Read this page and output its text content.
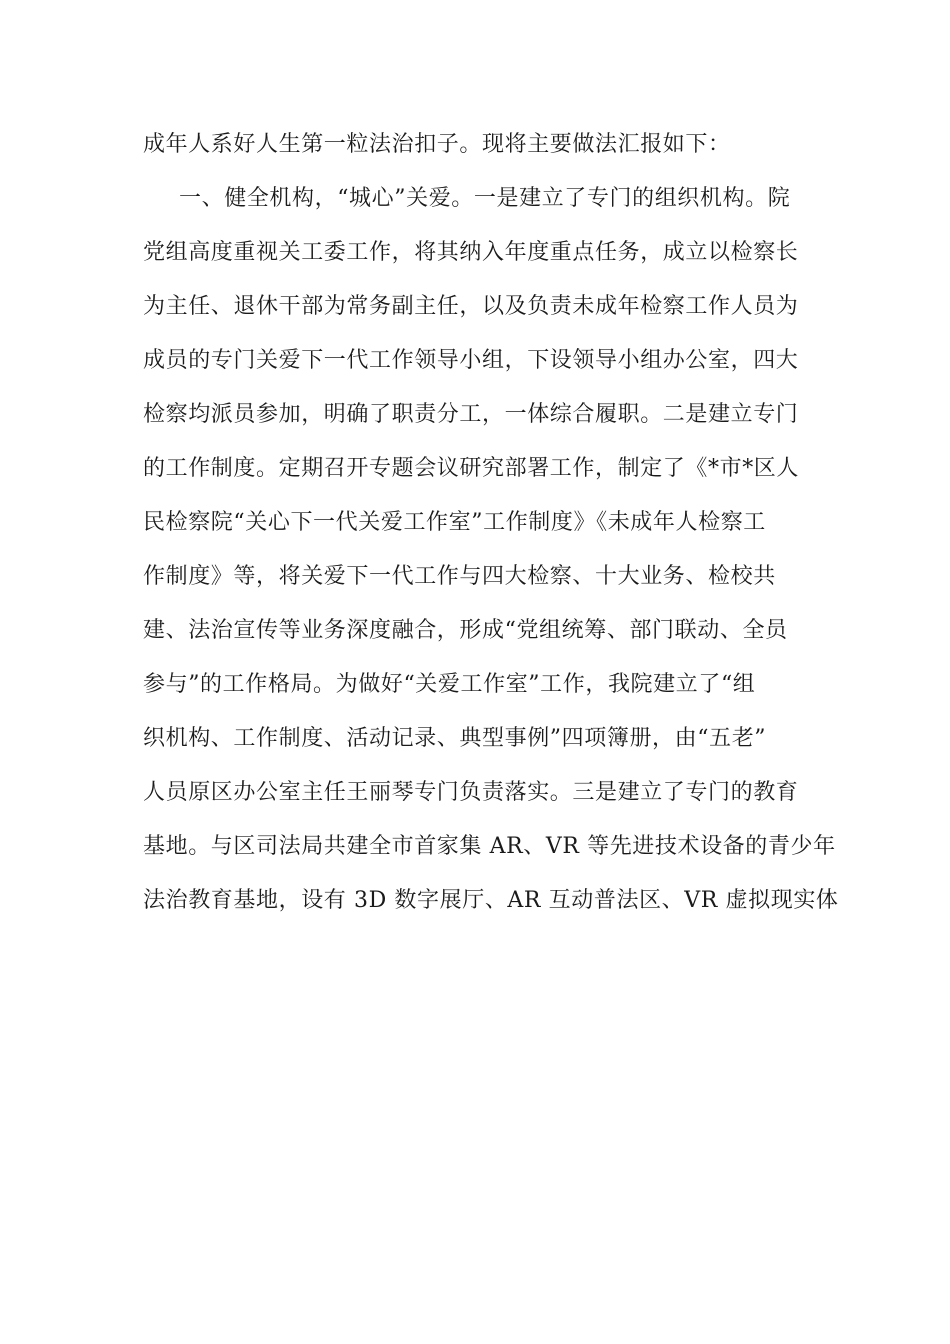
成年人系好人生第一粒法治扣子。现将主要做法汇报如下：
一、健全机构，“城心”关爱。一是建立了专门的组织机构。院
党组高度重视关工委工作，将其纳入年度重点任务，成立以检察长
为主任、退休干部为常务副主任，以及负责未成年检察工作人员为
成员的专门关爱下一代工作领导小组，下设领导小组办公室，四大
检察均派员参加，明确了职责分工，一体综合履职。二是建立专门
的工作制度。定期召开专题会议研究部署工作，制定了《*市*区人
民检察院“关心下一代关爱工作室”工作制度》《未成年人检察工
作制度》等，将关爱下一代工作与四大检察、十大业务、检校共
建、法治宣传等业务深度融合，形成“党组统筹、部门联动、全员
参与”的工作格局。为做好“关爱工作室”工作，我院建立了“组
织机构、工作制度、活动记录、典型事例”四项簿册，由“五老”
人员原区办公室主任王丽琴专门负责落实。三是建立了专门的教育
基地。与区司法局共建全市首家集 AR、VR 等先进技术设备的青少年
法治教育基地，设有 3D 数字展厅、AR 互动普法区、VR 虚拟现实体
